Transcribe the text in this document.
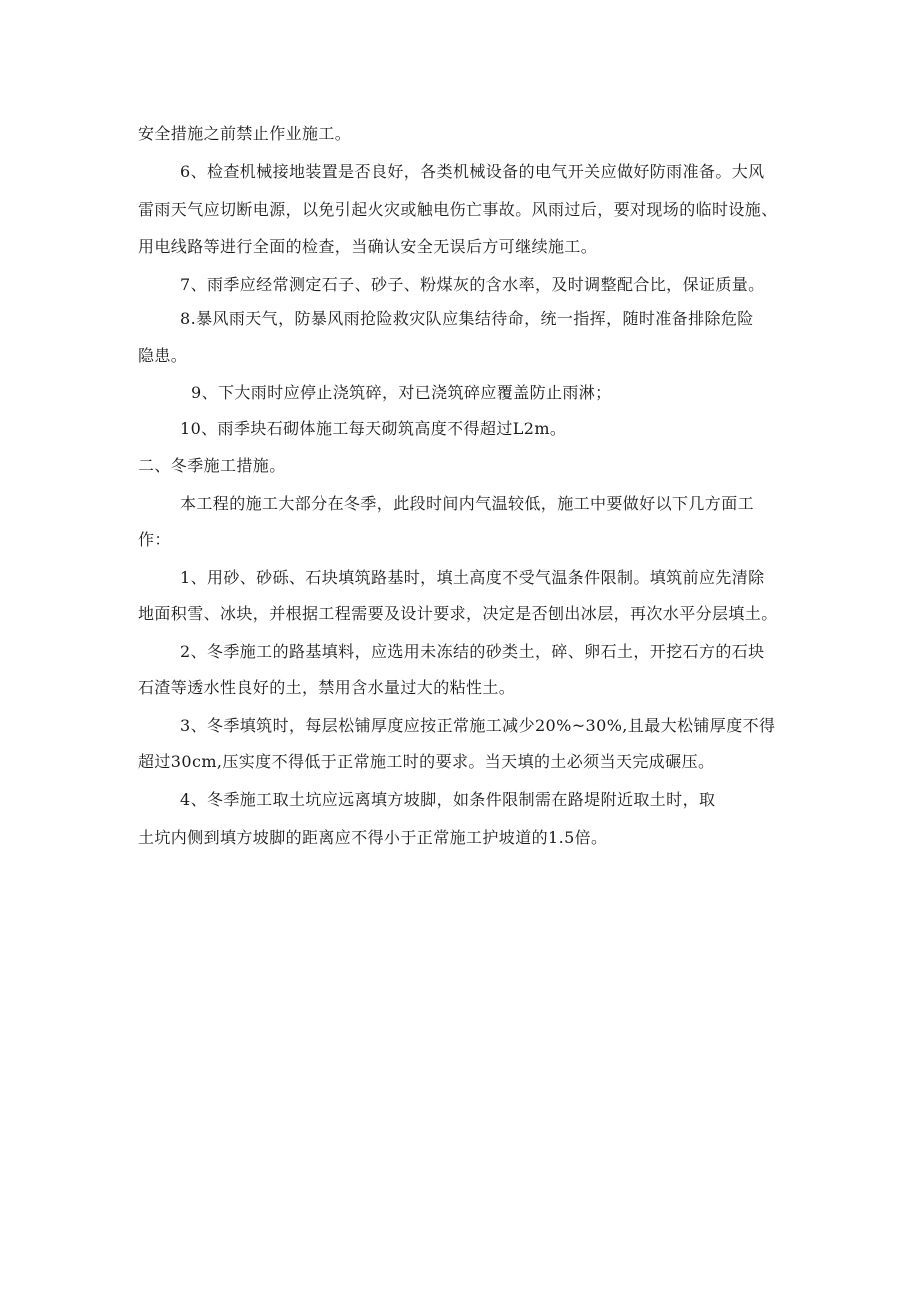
安全措施之前禁止作业施工。
6、检查机械接地装置是否良好，各类机械设备的电气开关应做好防雨准备。大风
雷雨天气应切断电源，以免引起火灾或触电伤亡事故。风雨过后，要对现场的临时设施、
用电线路等进行全面的检查，当确认安全无误后方可继续施工。
7、雨季应经常测定石子、砂子、粉煤灰的含水率，及时调整配合比，保证质量。
8.暴风雨天气，防暴风雨抢险救灾队应集结待命，统一指挥，随时准备排除危险
隐患。
9、下大雨时应停止浇筑碎，对已浇筑碎应覆盖防止雨淋；
10、雨季块石砌体施工每天砌筑高度不得超过L2m。
二、冬季施工措施。
本工程的施工大部分在冬季，此段时间内气温较低，施工中要做好以下几方面工
作：
1、用砂、砂砾、石块填筑路基时，填土高度不受气温条件限制。填筑前应先清除
地面积雪、冰块，并根据工程需要及设计要求，决定是否刨出冰层，再次水平分层填土。
2、冬季施工的路基填料，应选用未冻结的砂类土，碎、卵石土，开挖石方的石块
石渣等透水性良好的土，禁用含水量过大的粘性土。
3、冬季填筑时，每层松铺厚度应按正常施工减少20%~30%,且最大松铺厚度不得
超过30cm,压实度不得低于正常施工时的要求。当天填的土必须当天完成碾压。
4、冬季施工取土坑应远离填方坡脚，如条件限制需在路堤附近取土时，取
土坑内侧到填方坡脚的距离应不得小于正常施工护坡道的1.5倍。
